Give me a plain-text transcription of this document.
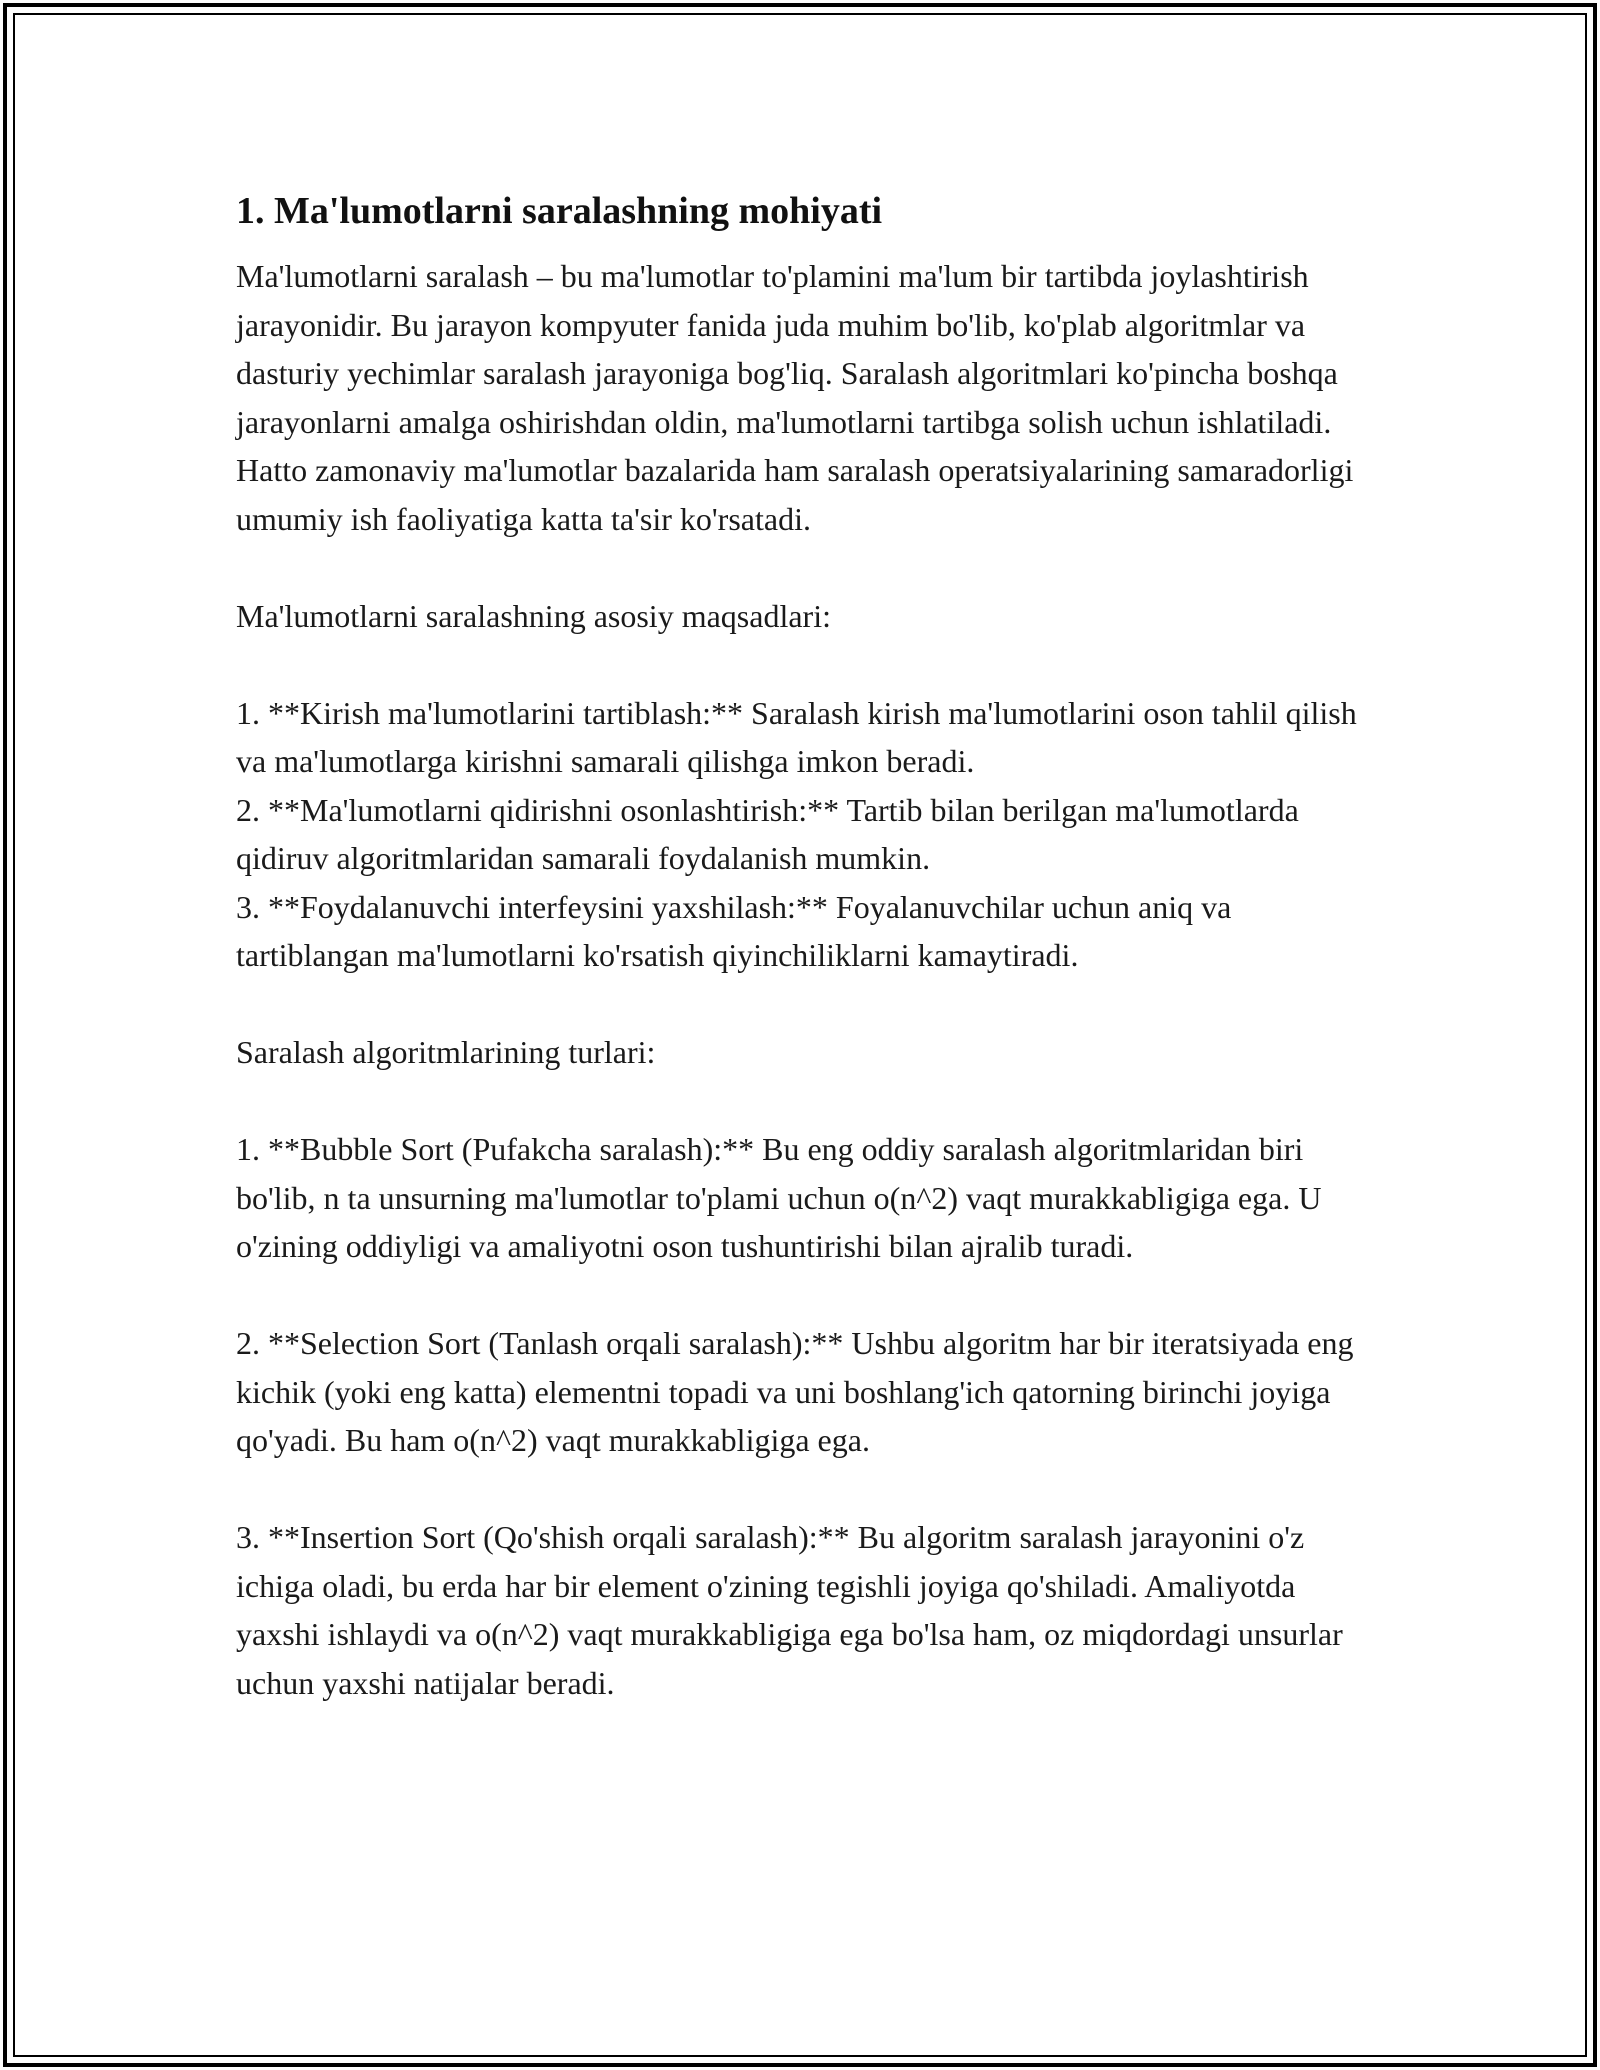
1. Ma'lumotlarni saralashning mohiyati

Ma'lumotlarni saralash – bu ma'lumotlar to'plamini ma'lum bir tartibda joylashtirish jarayonidir. Bu jarayon kompyuter fanida juda muhim bo'lib, ko'plab algoritmlar va dasturiy yechimlar saralash jarayoniga bog'liq. Saralash algoritmlari ko'pincha boshqa jarayonlarni amalga oshirishdan oldin, ma'lumotlarni tartibga solish uchun ishlatiladi. Hatto zamonaviy ma'lumotlar bazalarida ham saralash operatsiyalarining samaradorligi umumiy ish faoliyatiga katta ta'sir ko'rsatadi.

Ma'lumotlarni saralashning asosiy maqsadlari:

1. **Kirish ma'lumotlarini tartiblash:** Saralash kirish ma'lumotlarini oson tahlil qilish va ma'lumotlarga kirishni samarali qilishga imkon beradi.

2. **Ma'lumotlarni qidirishni osonlashtirish:** Tartib bilan berilgan ma'lumotlarda qidiruv algoritmlaridan samarali foydalanish mumkin.

3. **Foydalanuvchi interfeysini yaxshilash:** Foyalanuvchilar uchun aniq va tartiblangan ma'lumotlarni ko'rsatish qiyinchiliklarni kamaytiradi.

Saralash algoritmlarining turlari:

1. **Bubble Sort (Pufakcha saralash):** Bu eng oddiy saralash algoritmlaridan biri bo'lib, n ta unsurning ma'lumotlar to'plami uchun o(n^2) vaqt murakkabligiga ega. U o'zining oddiyligi va amaliyotni oson tushuntirishi bilan ajralib turadi.

2. **Selection Sort (Tanlash orqali saralash):** Ushbu algoritm har bir iteratsiyada eng kichik (yoki eng katta) elementni topadi va uni boshlang'ich qatorning birinchi joyiga qo'yadi. Bu ham o(n^2) vaqt murakkabligiga ega.

3. **Insertion Sort (Qo'shish orqali saralash):** Bu algoritm saralash jarayonini o'z ichiga oladi, bu erda har bir element o'zining tegishli joyiga qo'shiladi. Amaliyotda yaxshi ishlaydi va o(n^2) vaqt murakkabligiga ega bo'lsa ham, oz miqdordagi unsurlar uchun yaxshi natijalar beradi.
